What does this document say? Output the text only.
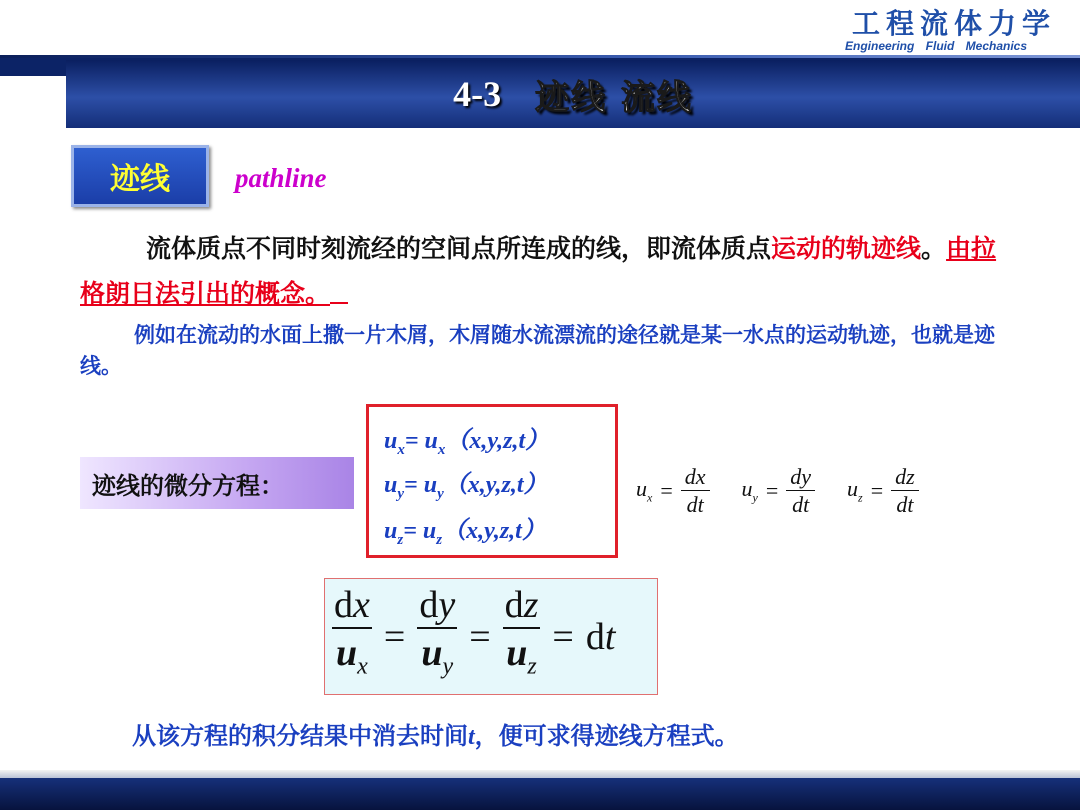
工程流体力学
Engineering Fluid Mechanics
4-3 迹线 流线
迹线 pathline
流体质点不同时刻流经的空间点所连成的线，即流体质点运动的轨迹线。由拉格朗日法引出的概念。
例如在流动的水面上撒一片木屑，木屑随水流漂流的途径就是某一水点的运动轨迹，也就是迹线。
迹线的微分方程：
$u_x= u_x(x,y,z,t)$
$u_y= u_y(x,y,z,t)$
$u_z= u_z(x,y,z,t)$
$u_x = \frac{dx}{dt} u_y = \frac{dy}{dt} u_z = \frac{dz}{dt}$
$\frac{dx}{u_x} = \frac{dy}{u_y} = \frac{dz}{u_z}$ = dt
从该方程的积分结果中消去时间t，便可求得迹线方程式。
